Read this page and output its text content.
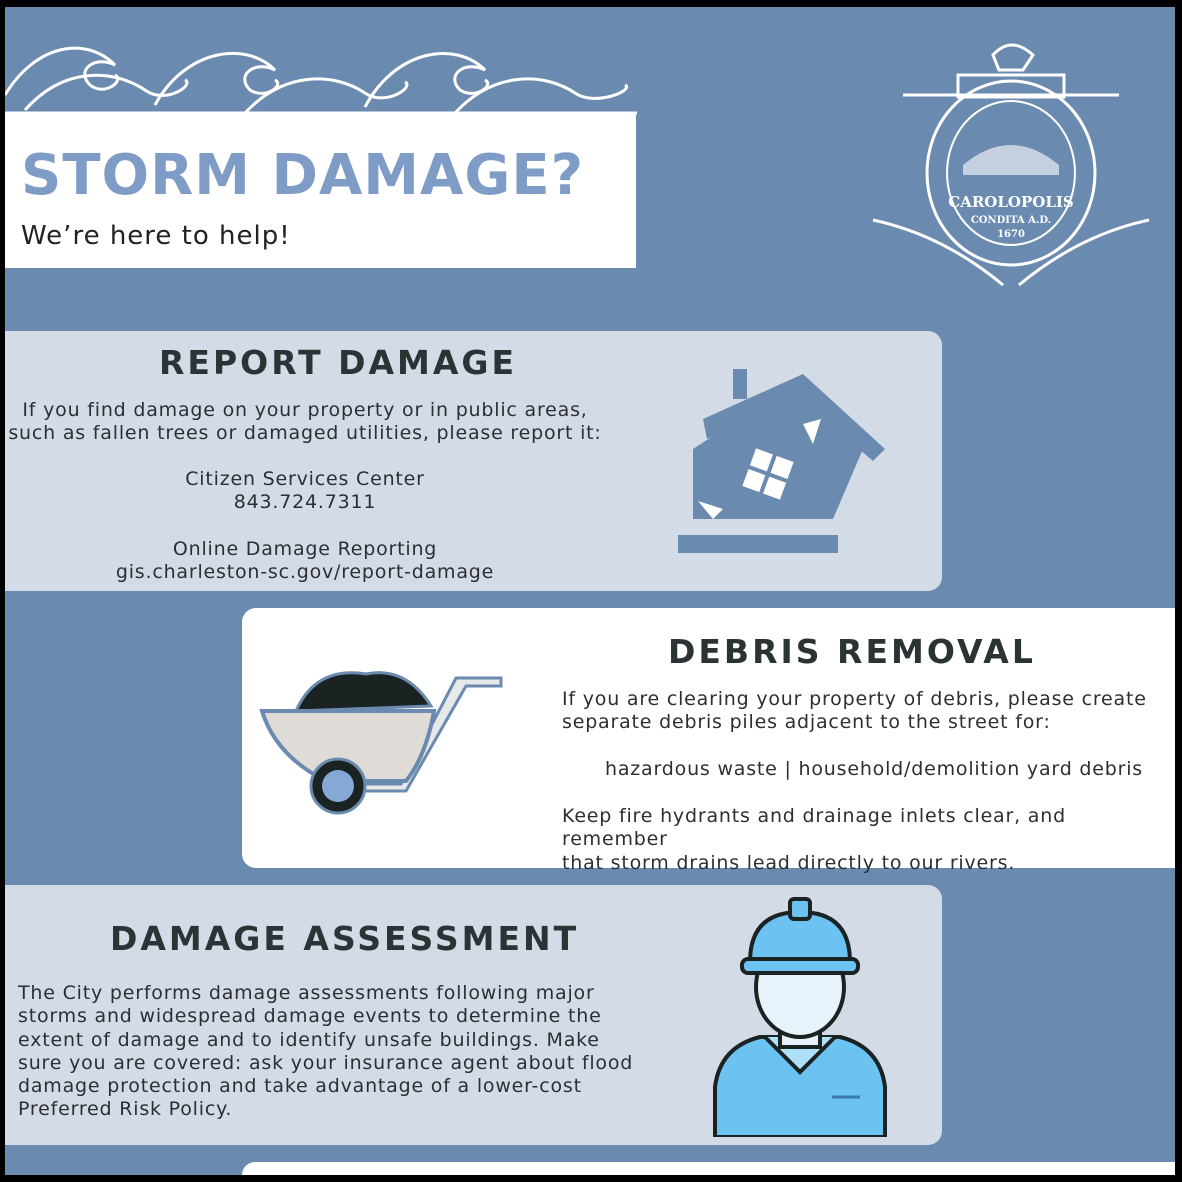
STORM DAMAGE?
We’re here to help!
CAROLOPOLIS
CONDITA A.D.
1670
REPORT DAMAGE
If you find damage on your property or in public areas,
such as fallen trees or damaged utilities, please report it:
Citizen Services Center
843.724.7311
Online Damage Reporting
gis.charleston-sc.gov/report-damage
DEBRIS REMOVAL
If you are clearing your property of debris, please create
separate debris piles adjacent to the street for:
hazardous waste | household/demolition yard debris
Keep fire hydrants and drainage inlets clear, and remember
that storm drains lead directly to our rivers.
DAMAGE ASSESSMENT
The City performs damage assessments following major
storms and widespread damage events to determine the
extent of damage and to identify unsafe buildings. Make
sure you are covered: ask your insurance agent about flood
damage protection and take advantage of a lower-cost
Preferred Risk Policy.
